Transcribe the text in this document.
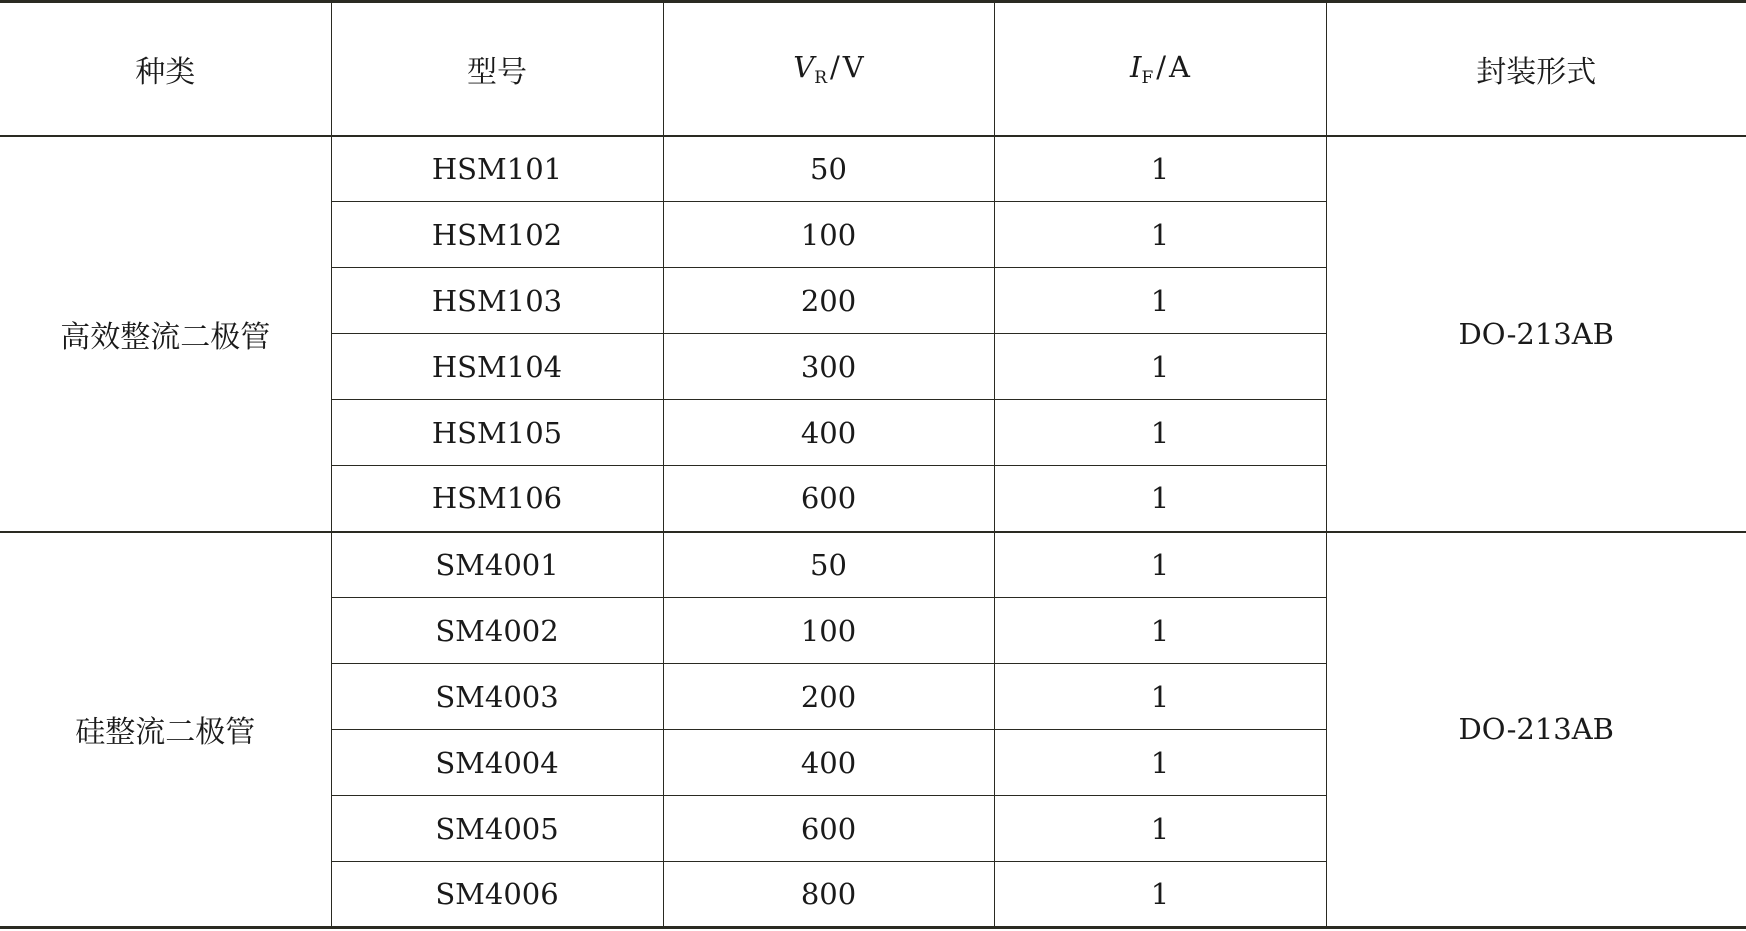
种类	型号	$V_R$ / V	$I_F$ / A	封装形式
高效整流二极管	HSM101	50	1	DO-213AB
	HSM102	100	1	
	HSM103	200	1	
	HSM104	300	1	
	HSM105	400	1	
	HSM106	600	1	
硅整流二极管	SM4001	50	1	DO-213AB
	SM4002	100	1	
	SM4003	200	1	
	SM4004	400	1	
	SM4005	600	1	
	SM4006	800	1	
